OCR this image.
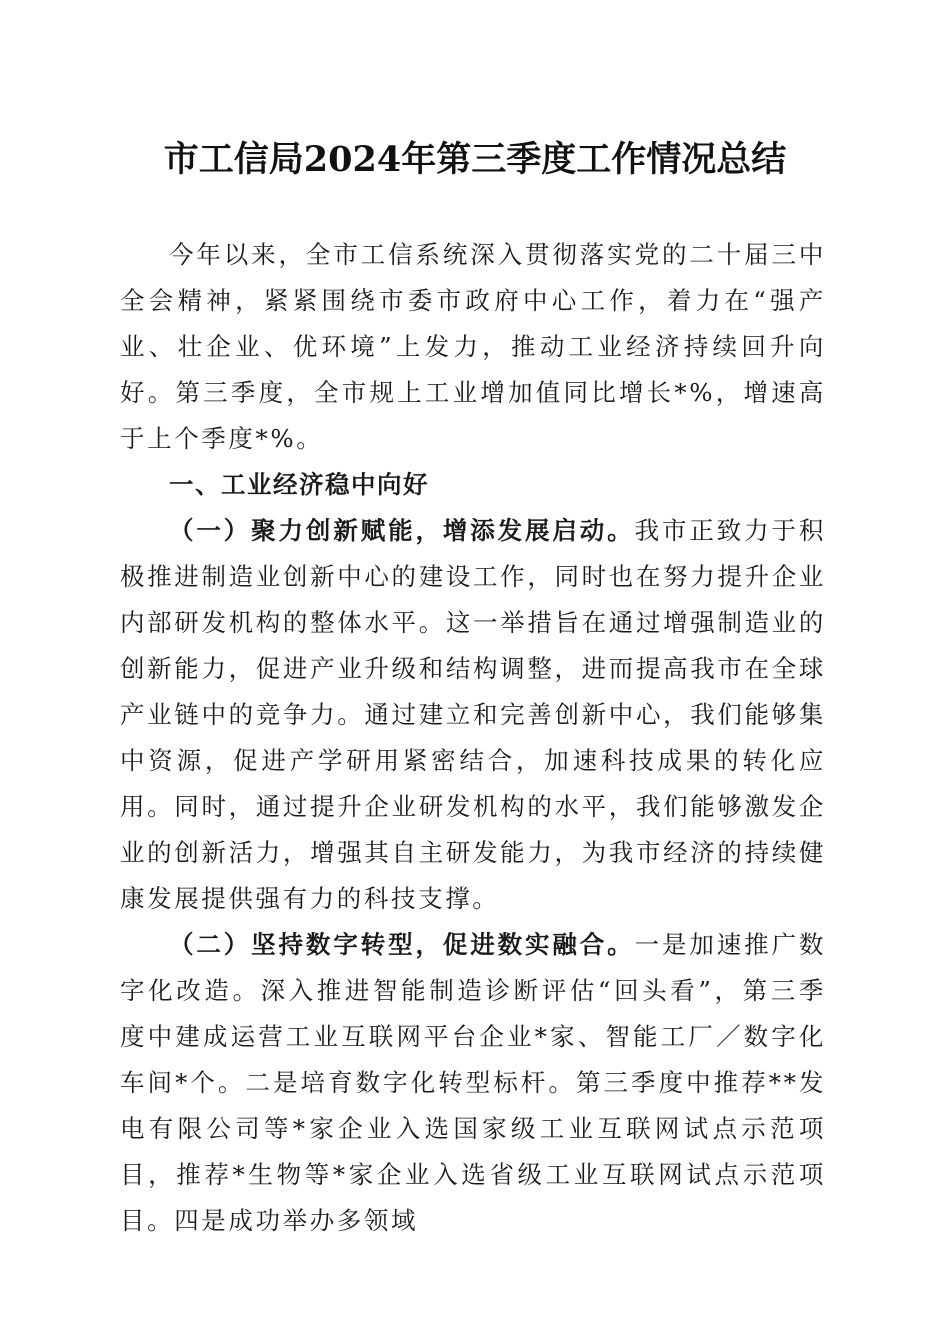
市工信局2024年第三季度工作情况总结

今年以来，全市工信系统深入贯彻落实党的二十届三中全会精神，紧紧围绕市委市政府中心工作，着力在“强产业、壮企业、优环境”上发力，推动工业经济持续回升向好。第三季度，全市规上工业增加值同比增长*%，增速高于上个季度*%。

一、工业经济稳中向好

（一）聚力创新赋能，增添发展启动。我市正致力于积极推进制造业创新中心的建设工作，同时也在努力提升企业内部研发机构的整体水平。这一举措旨在通过增强制造业的创新能力，促进产业升级和结构调整，进而提高我市在全球产业链中的竞争力。通过建立和完善创新中心，我们能够集中资源，促进产学研用紧密结合，加速科技成果的转化应用。同时，通过提升企业研发机构的水平，我们能够激发企业的创新活力，增强其自主研发能力，为我市经济的持续健康发展提供强有力的科技支撑。

（二）坚持数字转型，促进数实融合。一是加速推广数字化改造。深入推进智能制造诊断评估“回头看”，第三季度中建成运营工业互联网平台企业*家、智能工厂／数字化车间*个。二是培育数字化转型标杆。第三季度中推荐**发电有限公司等*家企业入选国家级工业互联网试点示范项目，推荐*生物等*家企业入选省级工业互联网试点示范项目。四是成功举办多领域
